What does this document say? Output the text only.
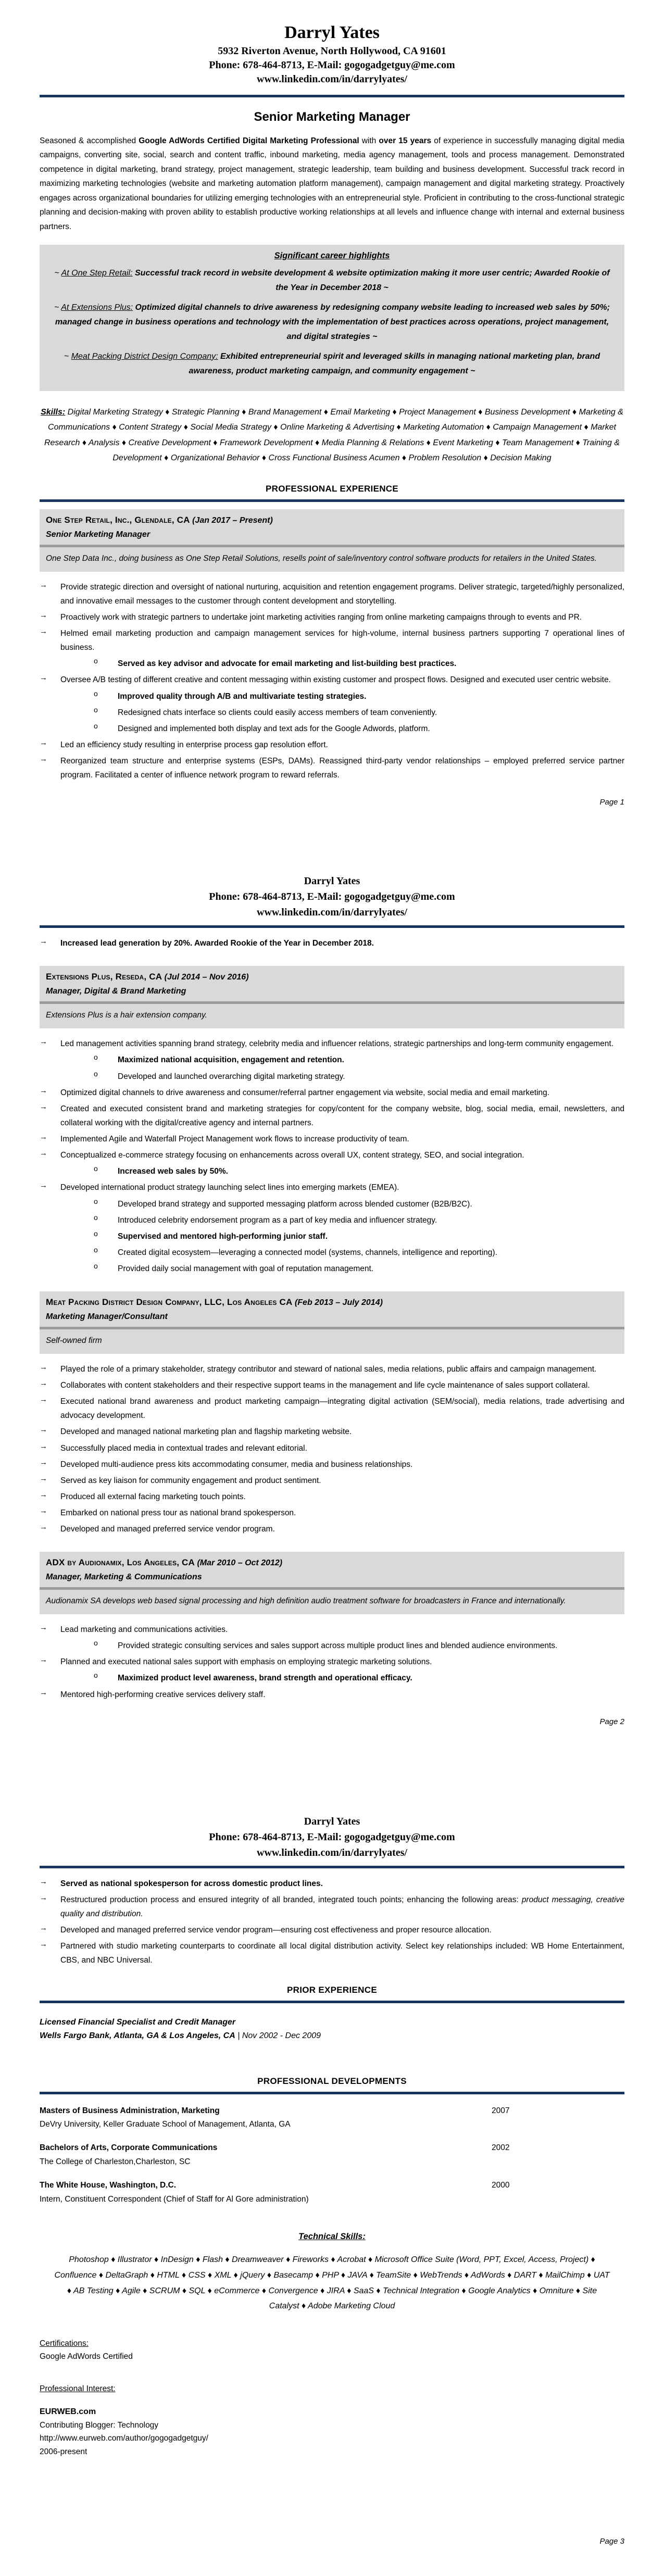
Darryl Yates
5932 Riverton Avenue, North Hollywood, CA 91601
Phone: 678-464-8713, E-Mail: gogogadgetguy@me.com
www.linkedin.com/in/darrylyates/
Senior Marketing Manager

Seasoned & accomplished Google AdWords Certified Digital Marketing Professional with over 15 years of experience in successfully managing digital media campaigns, converting site, social, search and content traffic, inbound marketing, media agency management, tools and process management. Demonstrated competence in digital marketing, brand strategy, project management, strategic leadership, team building and business development. Successful track record in maximizing marketing technologies (website and marketing automation platform management), campaign management and digital marketing strategy. Proactively engages across organizational boundaries for utilizing emerging technologies with an entrepreneurial style. Proficient in contributing to the cross-functional strategic planning and decision-making with proven ability to establish productive working relationships at all levels and influence change with internal and external business partners.

Significant career highlights
~ At One Step Retail: Successful track record in website development & website optimization making it more user centric; Awarded Rookie of the Year in December 2018 ~
~ At Extensions Plus: Optimized digital channels to drive awareness by redesigning company website leading to increased web sales by 50%; managed change in business operations and technology with the implementation of best practices across operations, project management, and digital strategies ~
~ Meat Packing District Design Company: Exhibited entrepreneurial spirit and leveraged skills in managing national marketing plan, brand awareness, product marketing campaign, and community engagement ~

Skills: Digital Marketing Strategy ♦ Strategic Planning ♦ Brand Management ♦ Email Marketing ♦ Project Management ♦ Business Development ♦ Marketing & Communications ♦ Content Strategy ♦ Social Media Strategy ♦ Online Marketing & Advertising ♦ Marketing Automation ♦ Campaign Management ♦ Market Research ♦ Analysis ♦ Creative Development ♦ Framework Development ♦ Media Planning & Relations ♦ Event Marketing ♦ Team Management ♦ Training & Development ♦ Organizational Behavior ♦ Cross Functional Business Acumen ♦ Problem Resolution ♦ Decision Making

PROFESSIONAL EXPERIENCE
One Step Retail, Inc., Glendale, CA (Jan 2017 – Present)
Senior Marketing Manager
One Step Data Inc., doing business as One Step Retail Solutions, resells point of sale/inventory control software products for retailers in the United States.
→	Provide strategic direction and oversight of national nurturing, acquisition and retention engagement programs. Deliver strategic, targeted/highly personalized, and innovative email messages to the customer through content development and storytelling.
→	Proactively work with strategic partners to undertake joint marketing activities ranging from online marketing campaigns through to events and PR.
→	Helmed email marketing production and campaign management services for high-volume, internal business partners supporting 7 operational lines of business.
o	Served as key advisor and advocate for email marketing and list-building best practices.
→	Oversee A/B testing of different creative and content messaging within existing customer and prospect flows. Designed and executed user centric website.
o	Improved quality through A/B and multivariate testing strategies.
o	Redesigned chats interface so clients could easily access members of team conveniently.
o	Designed and implemented both display and text ads for the Google Adwords, platform.
→	Led an efficiency study resulting in enterprise process gap resolution effort.
→	Reorganized team structure and enterprise systems (ESPs, DAMs). Reassigned third-party vendor relationships – employed preferred service partner program. Facilitated a center of influence network program to reward referrals.
Page 1
Darryl Yates
Phone: 678-464-8713, E-Mail: gogogadgetguy@me.com
www.linkedin.com/in/darrylyates/
→	Increased lead generation by 20%. Awarded Rookie of the Year in December 2018.
Extensions Plus, Reseda, CA (Jul 2014 – Nov 2016)
Manager, Digital & Brand Marketing
Extensions Plus is a hair extension company.
→	Led management activities spanning brand strategy, celebrity media and influencer relations, strategic partnerships and long-term community engagement.
o	Maximized national acquisition, engagement and retention.
o	Developed and launched overarching digital marketing strategy.
→	Optimized digital channels to drive awareness and consumer/referral partner engagement via website, social media and email marketing.
→	Created and executed consistent brand and marketing strategies for copy/content for the company website, blog, social media, email, newsletters, and collateral working with the digital/creative agency and internal partners.
→	Implemented Agile and Waterfall Project Management work flows to increase productivity of team.
→	Conceptualized e-commerce strategy focusing on enhancements across overall UX, content strategy, SEO, and social integration.
o	Increased web sales by 50%.
→	Developed international product strategy launching select lines into emerging markets (EMEA).
o	Developed brand strategy and supported messaging platform across blended customer (B2B/B2C).
o	Introduced celebrity endorsement program as a part of key media and influencer strategy.
o	Supervised and mentored high-performing junior staff.
o	Created digital ecosystem—leveraging a connected model (systems, channels, intelligence and reporting).
o	Provided daily social management with goal of reputation management.
Meat Packing District Design Company, LLC, Los Angeles CA (Feb 2013 – July 2014)
Marketing Manager/Consultant
Self-owned firm
→	Played the role of a primary stakeholder, strategy contributor and steward of national sales, media relations, public affairs and campaign management.
→	Collaborates with content stakeholders and their respective support teams in the management and life cycle maintenance of sales support collateral.
→	Executed national brand awareness and product marketing campaign—integrating digital activation (SEM/social), media relations, trade advertising and advocacy development.
→	Developed and managed national marketing plan and flagship marketing website.
→	Successfully placed media in contextual trades and relevant editorial.
→	Developed multi-audience press kits accommodating consumer, media and business relationships.
→	Served as key liaison for community engagement and product sentiment.
→	Produced all external facing marketing touch points.
→	Embarked on national press tour as national brand spokesperson.
→	Developed and managed preferred service vendor program.
ADX by Audionamix, Los Angeles, CA (Mar 2010 – Oct 2012)
Manager, Marketing & Communications
Audionamix SA develops web based signal processing and high definition audio treatment software for broadcasters in France and internationally.
→	Lead marketing and communications activities.
o	Provided strategic consulting services and sales support across multiple product lines and blended audience environments.
→	Planned and executed national sales support with emphasis on employing strategic marketing solutions.
o	Maximized product level awareness, brand strength and operational efficacy.
→	Mentored high-performing creative services delivery staff.
Page 2
Darryl Yates
Phone: 678-464-8713, E-Mail: gogogadgetguy@me.com
www.linkedin.com/in/darrylyates/
→	Served as national spokesperson for across domestic product lines.
→	Restructured production process and ensured integrity of all branded, integrated touch points; enhancing the following areas: product messaging, creative quality and distribution.
→	Developed and managed preferred service vendor program—ensuring cost effectiveness and proper resource allocation.
→	Partnered with studio marketing counterparts to coordinate all local digital distribution activity. Select key relationships included: WB Home Entertainment, CBS, and NBC Universal.
PRIOR EXPERIENCE
Licensed Financial Specialist and Credit Manager
Wells Fargo Bank, Atlanta, GA & Los Angeles, CA | Nov 2002 - Dec 2009
PROFESSIONAL DEVELOPMENTS
Masters of Business Administration, Marketing	2007
DeVry University, Keller Graduate School of Management, Atlanta, GA
Bachelors of Arts, Corporate Communications	2002
The College of Charleston,Charleston, SC
The White House, Washington, D.C.	2000
Intern, Constituent Correspondent (Chief of Staff for Al Gore administration)
Technical Skills:

Photoshop ♦ Illustrator ♦ InDesign ♦ Flash ♦ Dreamweaver ♦ Fireworks ♦ Acrobat ♦ Microsoft Office Suite (Word, PPT, Excel, Access, Project) ♦ Confluence ♦ DeltaGraph ♦ HTML ♦ CSS ♦ XML ♦ jQuery ♦ Basecamp ♦ PHP ♦ JAVA ♦ TeamSite ♦ WebTrends ♦ AdWords ♦ DART ♦ MailChimp ♦ UAT ♦ AB Testing ♦ Agile ♦ SCRUM ♦ SQL ♦ eCommerce ♦ Convergence ♦ JIRA ♦ SaaS ♦ Technical Integration ♦ Google Analytics ♦ Omniture ♦ Site Catalyst ♦ Adobe Marketing Cloud

Certifications:
Google AdWords Certified
Professional Interest:
EURWEB.com
Contributing Blogger: Technology
http://www.eurweb.com/author/gogogadgetguy/
2006-present
Page 3
